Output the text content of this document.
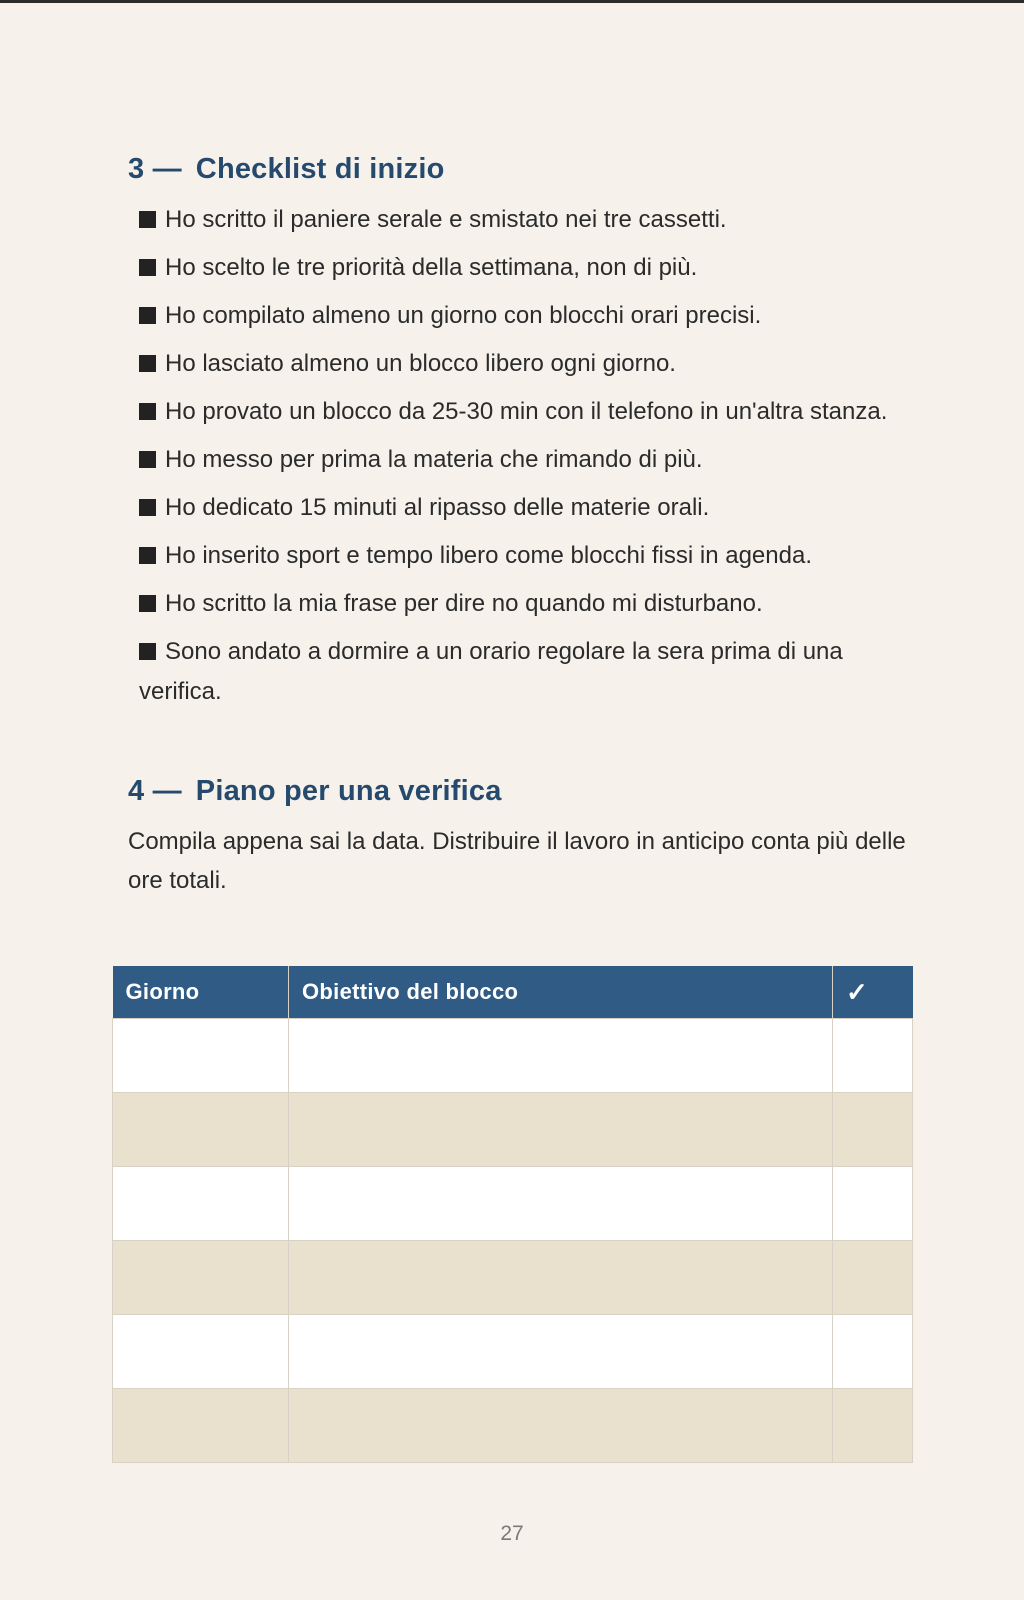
3 — Checklist di inizio
Ho scritto il paniere serale e smistato nei tre cassetti.
Ho scelto le tre priorità della settimana, non di più.
Ho compilato almeno un giorno con blocchi orari precisi.
Ho lasciato almeno un blocco libero ogni giorno.
Ho provato un blocco da 25-30 min con il telefono in un'altra stanza.
Ho messo per prima la materia che rimando di più.
Ho dedicato 15 minuti al ripasso delle materie orali.
Ho inserito sport e tempo libero come blocchi fissi in agenda.
Ho scritto la mia frase per dire no quando mi disturbano.
Sono andato a dormire a un orario regolare la sera prima di una verifica.
4 — Piano per una verifica

Compila appena sai la data. Distribuire il lavoro in anticipo conta più delle ore totali.

Giorno	Obiettivo del blocco	✓

27
